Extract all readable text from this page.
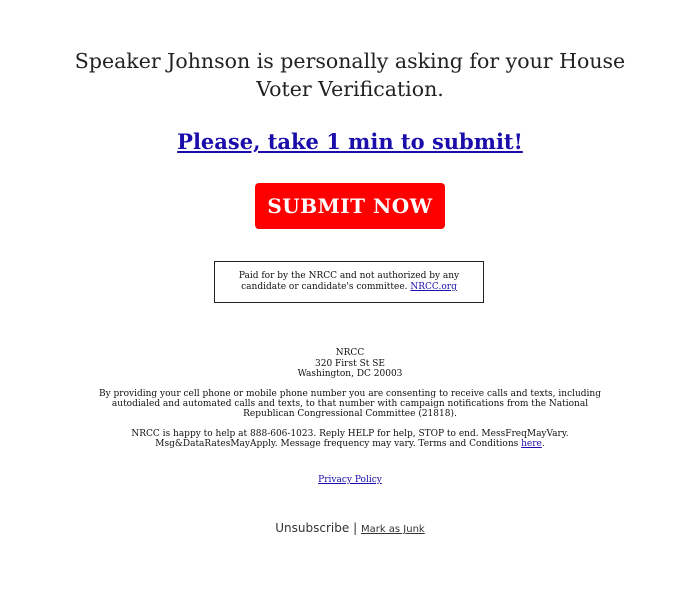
Speaker Johnson is personally asking for your House Voter Verification.
Please, take 1 min to submit!
SUBMIT NOW
Paid for by the NRCC and not authorized by any candidate or candidate's committee. NRCC.org
NRCC
320 First St SE
Washington, DC 20003
By providing your cell phone or mobile phone number you are consenting to receive calls and texts, including autodialed and automated calls and texts, to that number with campaign notifications from the National Republican Congressional Committee (21818).
NRCC is happy to help at 888-606-1023. Reply HELP for help, STOP to end. MessFreqMayVary. Msg&DataRatesMayApply. Message frequency may vary. Terms and Conditions here.
Privacy Policy
Unsubscribe | Mark as Junk
